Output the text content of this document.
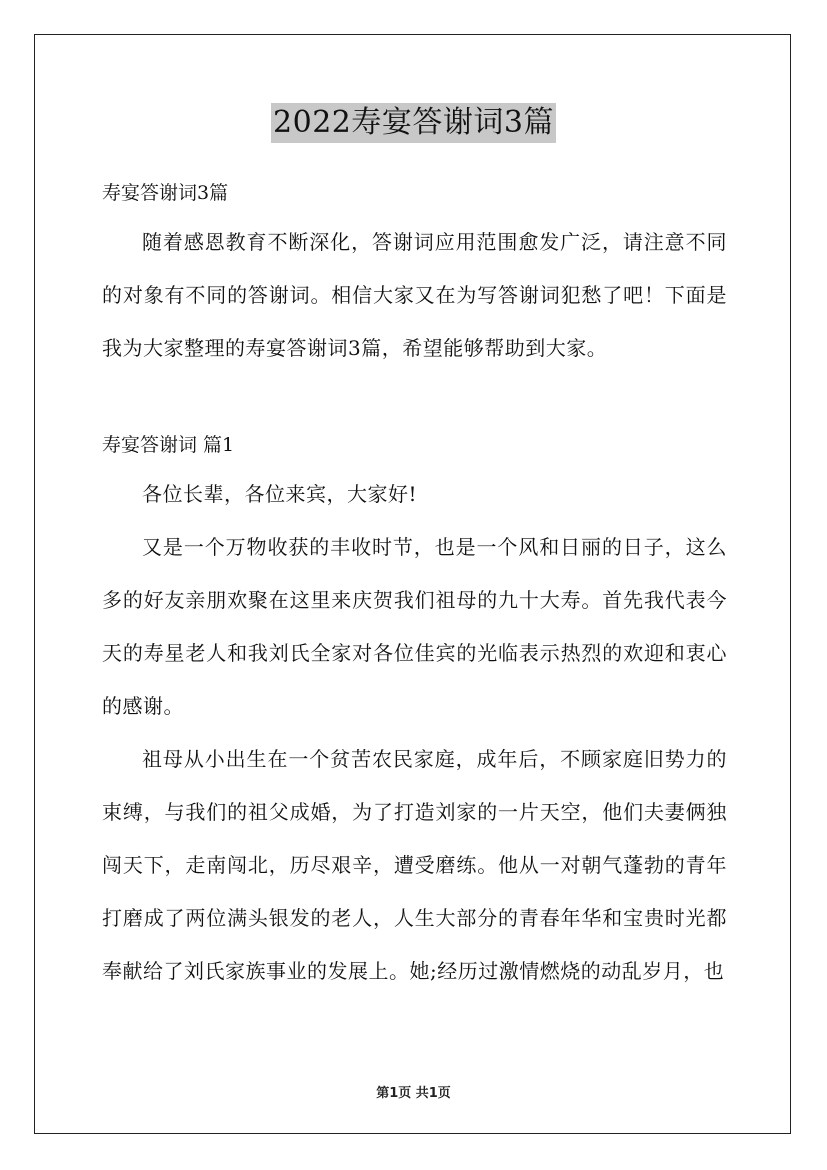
2022寿宴答谢词3篇

寿宴答谢词3篇

随着感恩教育不断深化，答谢词应用范围愈发广泛，请注意不同的对象有不同的答谢词。相信大家又在为写答谢词犯愁了吧！下面是我为大家整理的寿宴答谢词3篇，希望能够帮助到大家。

寿宴答谢词 篇1

各位长辈，各位来宾，大家好!

又是一个万物收获的丰收时节，也是一个风和日丽的日子，这么多的好友亲朋欢聚在这里来庆贺我们祖母的九十大寿。首先我代表今天的寿星老人和我刘氏全家对各位佳宾的光临表示热烈的欢迎和衷心的感谢。

祖母从小出生在一个贫苦农民家庭，成年后，不顾家庭旧势力的束缚，与我们的祖父成婚，为了打造刘家的一片天空，他们夫妻俩独闯天下，走南闯北，历尽艰辛，遭受磨练。他从一对朝气蓬勃的青年打磨成了两位满头银发的老人，人生大部分的青春年华和宝贵时光都奉献给了刘氏家族事业的发展上。她;经历过激情燃烧的动乱岁月，也

第1页 共1页
